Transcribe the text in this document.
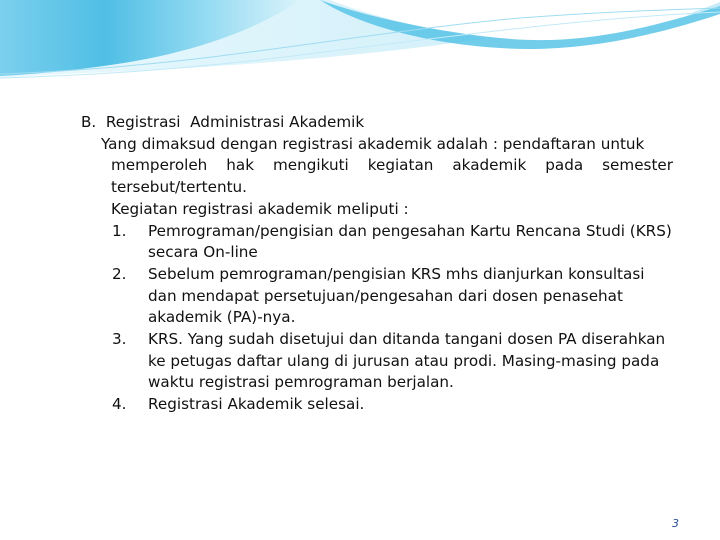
B.  Registrasi  Administrasi Akademik
Yang dimaksud dengan registrasi akademik adalah : pendaftaran untuk
memperoleh hak mengikuti kegiatan akademik pada semester
tersebut/tertentu.
Kegiatan registrasi akademik meliputi :
1.	Pemrograman/pengisian dan pengesahan Kartu Rencana Studi (KRS) secara On-line
2.	Sebelum pemrograman/pengisian KRS mhs dianjurkan konsultasi dan mendapat persetujuan/pengesahan dari dosen penasehat akademik (PA)-nya.
3.	KRS. Yang sudah disetujui dan ditanda tangani dosen PA diserahkan ke petugas daftar ulang di jurusan atau prodi. Masing-masing pada waktu registrasi pemrograman berjalan.
4.	Registrasi Akademik selesai.
3
